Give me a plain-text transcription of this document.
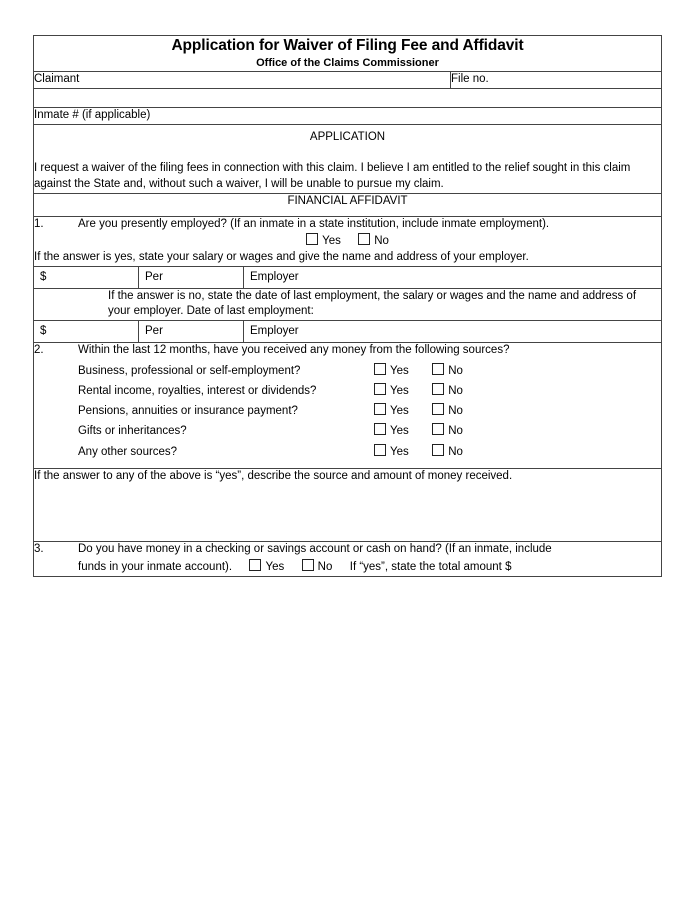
Application for Waiver of Filing Fee and Affidavit
Office of the Claims Commissioner			

Claimant			File no.

Inmate # (if applicable)			

APPLICATION
I request a waiver of the filing fees in connection with this claim. I believe I am entitled to the relief sought in this claim against the State and, without such a waiver, I will be unable to pursue my claim.			

FINANCIAL AFFIDAVIT			

1. Are you presently employed? (If an inmate in a state institution, include inmate employment).
Yes No
If the answer is yes, state your salary or wages and give the name and address of your employer.			

$	Per	Employer	

If the answer is no, state the date of last employment, the salary or wages and the name and address of your employer. Date of last employment:			

$	Per	Employer	

2.	Within the last 12 months, have you received any money from the following sources?
Business, professional or self-employment?	Yes	No
Rental income, royalties, interest or dividends?	Yes	No
Pensions, annuities or insurance payment?	Yes	No
Gifts or inheritances?	Yes	No
Any other sources?	Yes	No

If the answer to any of the above is “yes”, describe the source and amount of money received.			

3. Do you have money in a checking or savings account or cash on hand? (If an inmate, include
funds in your inmate account). Yes No If “yes”, state the total amount $			
